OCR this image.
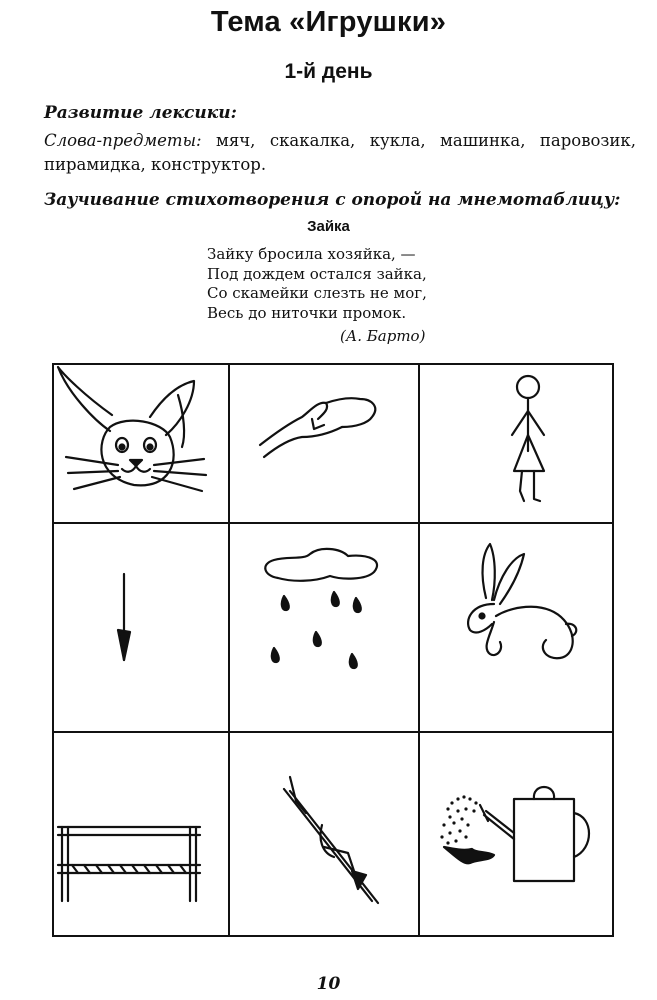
Тема «Игрушки»
1-й день
Развитие лексики:
Слова-предметы: мяч, скакалка, кукла, машинка, паровозик, пирамидка, конструктор.
Заучивание стихотворения с опорой на мнемотаблицу:
Зайка
Зайку бросила хозяйка, —
Под дождем остался зайка,
Со скамейки слезть не мог,
Весь до ниточки промок.
(А. Барто)
10
